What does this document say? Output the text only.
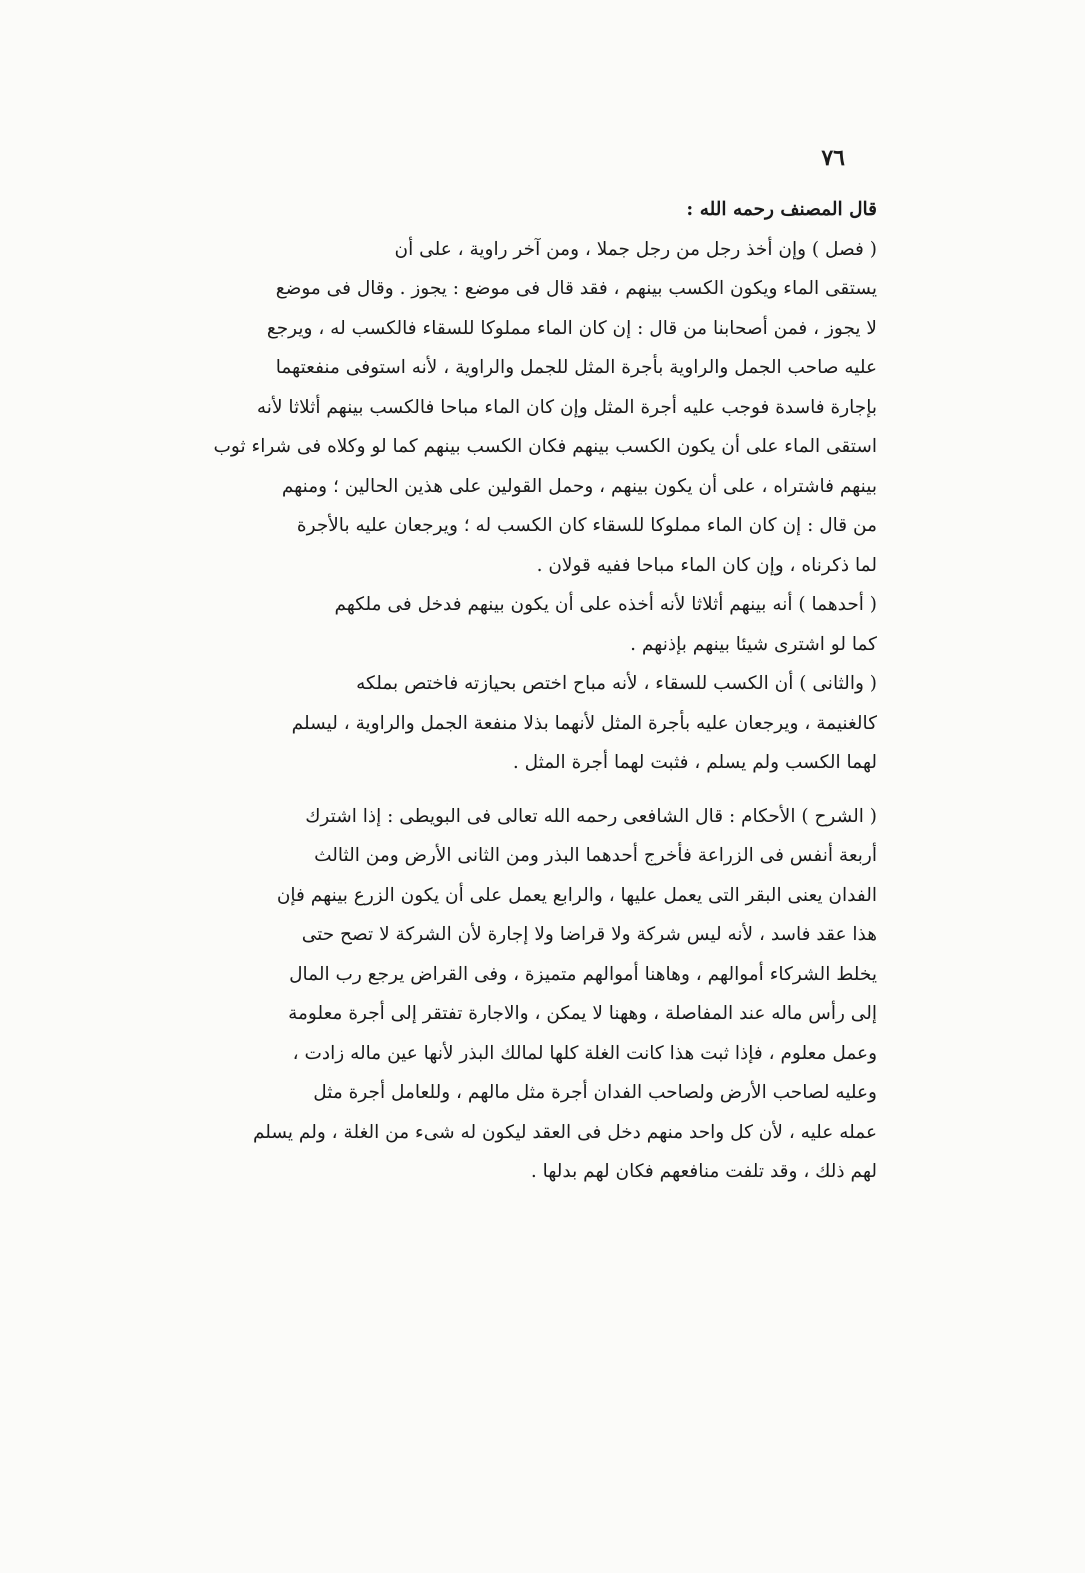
٧٦

قال المصنف رحمه الله :

( فصل ) وإن أخذ رجل من رجل جملا ، ومن آخر راوية ، على أن
يستقى الماء ويكون الكسب بينهم ، فقد قال فى موضع : يجوز . وقال فى موضع
لا يجوز ، فمن أصحابنا من قال : إن كان الماء مملوكا للسقاء فالكسب له ، ويرجع
عليه صاحب الجمل والراوية بأجرة المثل للجمل والراوية ، لأنه استوفى منفعتهما
بإجارة فاسدة فوجب عليه أجرة المثل وإن كان الماء مباحا فالكسب بينهم أثلاثا لأنه
استقى الماء على أن يكون الكسب بينهم فكان الكسب بينهم كما لو وكلاه فى شراء ثوب
بينهم فاشتراه ، على أن يكون بينهم ، وحمل القولين على هذين الحالين ؛ ومنهم
من قال : إن كان الماء مملوكا للسقاء كان الكسب له ؛ ويرجعان عليه بالأجرة
لما ذكرناه ، وإن كان الماء مباحا ففيه قولان .

( أحدهما ) أنه بينهم أثلاثا لأنه أخذه على أن يكون بينهم فدخل فى ملكهم
كما لو اشترى شيئا بينهم بإذنهم .

( والثانى ) أن الكسب للسقاء ، لأنه مباح اختص بحيازته فاختص بملكه
كالغنيمة ، ويرجعان عليه بأجرة المثل لأنهما بذلا منفعة الجمل والراوية ، ليسلم
لهما الكسب ولم يسلم ، فثبت لهما أجرة المثل .

( الشرح ) الأحكام : قال الشافعى رحمه الله تعالى فى البويطى : إذا اشترك
أربعة أنفس فى الزراعة فأخرج أحدهما البذر ومن الثانى الأرض ومن الثالث
الفدان يعنى البقر التى يعمل عليها ، والرابع يعمل على أن يكون الزرع بينهم فإن
هذا عقد فاسد ، لأنه ليس شركة ولا قراضا ولا إجارة لأن الشركة لا تصح حتى
يخلط الشركاء أموالهم ، وهاهنا أموالهم متميزة ، وفى القراض يرجع رب المال
إلى رأس ماله عند المفاصلة ، وههنا لا يمكن ، والاجارة تفتقر إلى أجرة معلومة
وعمل معلوم ، فإذا ثبت هذا كانت الغلة كلها لمالك البذر لأنها عين ماله زادت ،
وعليه لصاحب الأرض ولصاحب الفدان أجرة مثل مالهم ، وللعامل أجرة مثل
عمله عليه ، لأن كل واحد منهم دخل فى العقد ليكون له شىء من الغلة ، ولم يسلم
لهم ذلك ، وقد تلفت منافعهم فكان لهم بدلها .
